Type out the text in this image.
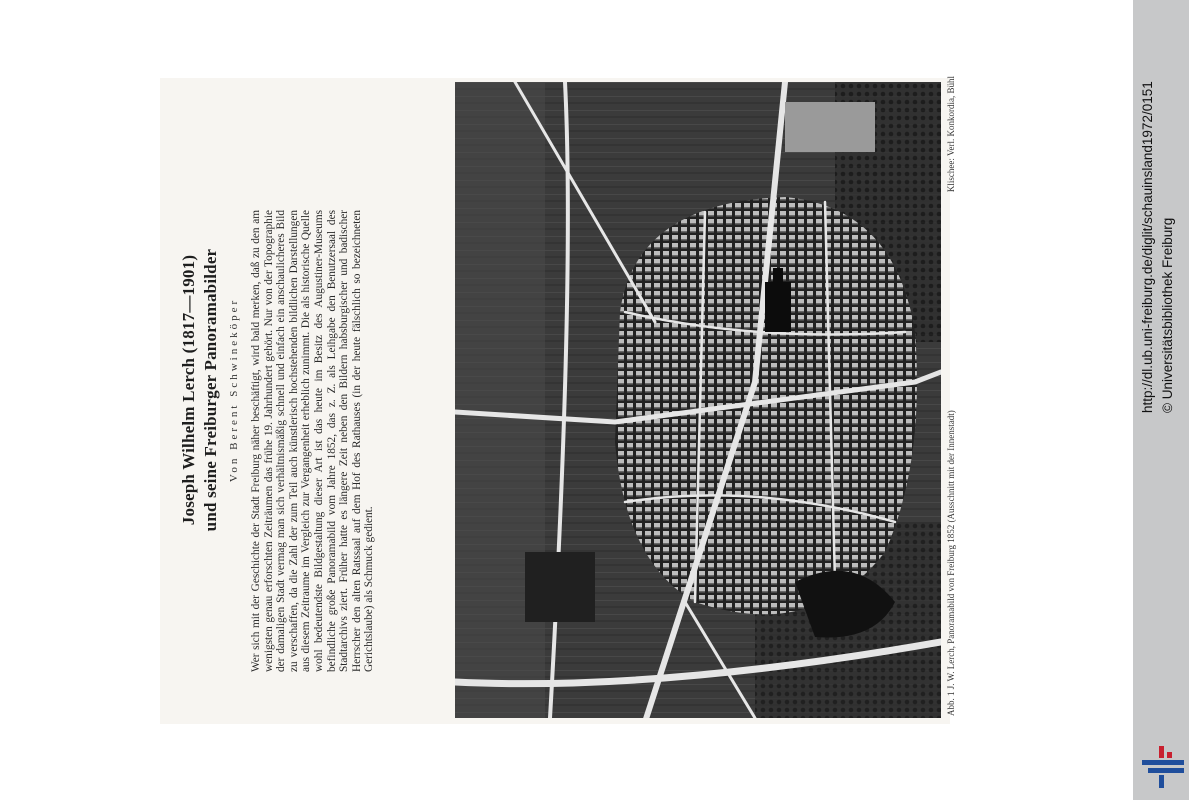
Joseph Wilhelm Lerch (1817—1901) und seine Freiburger Panoramabilder Von Berent Schwineköper Wer sich mit der Geschichte der Stadt Freiburg näher beschäftigt, wird bald merken, daß zu den am wenigsten genau erforschten Zeiträumen das frühe 19. Jahrhundert gehört. Nur von der Topographie der damaligen Stadt vermag man sich verhältnismäßig schnell und einfach ein anschaulicheres Bild zu verschaffen, da die Zahl der zum Teil auch künstlerisch hochstehenden bildlichen Darstellungen aus diesem Zeitraume im Vergleich zur Vergangenheit erheblich zunimmt. Die als historische Quelle wohl bedeutendste Bildgestaltung dieser Art ist das heute im Besitz des Augustiner-Museums befindliche große Panoramabild vom Jahre 1852, das z. Z. als Leihgabe den Benutzersaal des Stadtarchivs ziert. Früher hatte es längere Zeit neben den Bildern habsburgischer und badischer Herrscher den alten Ratssaal auf dem Hof des Rathauses (in der heute fälschlich so bezeichneten Gerichtslaube) als Schmuck gedient.	Abb. 1 J. W. Lerch, Panoramabild von Freiburg 1852 (Ausschnitt mit der Innenstadt)
Klischee: Verl. Konkordia, Bühl	http://dl.ub.uni-freiburg.de/diglit/schauinsland1972/0151 © Universitätsbibliothek Freiburg
